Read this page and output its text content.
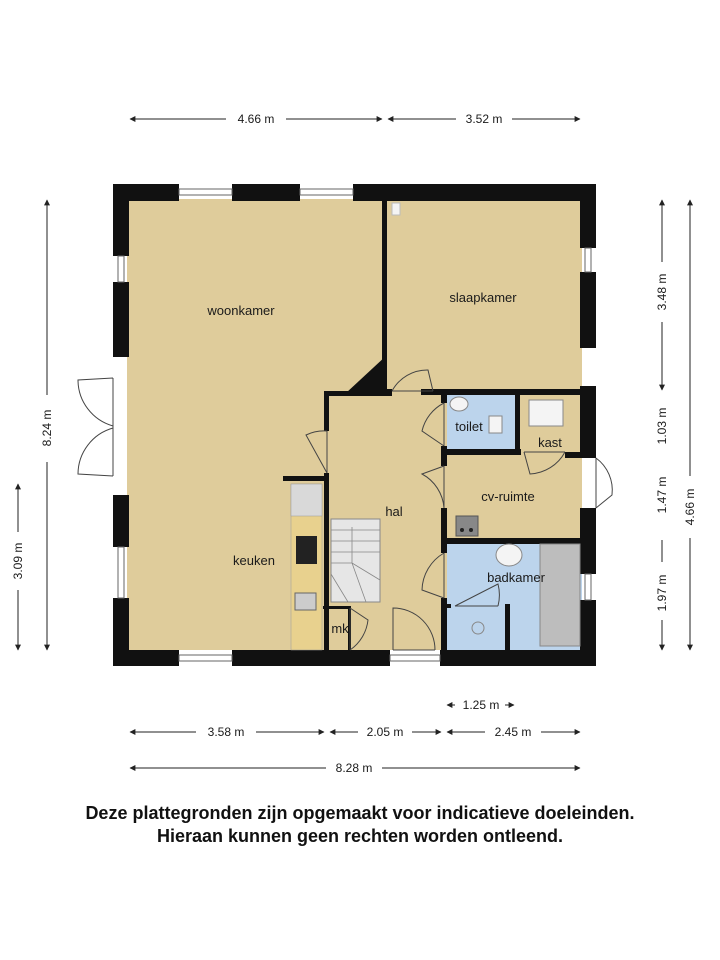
woonkamer
slaapkamer
toilet
kast
cv-ruimte
hal
keuken
badkamer
mk
4.66 m	3.52 m
8.24 m
3.09 m
4.66 m
3.48 m
1.03 m
1.47 m
1.97 m
1.25 m
3.58 m	2.05 m	2.45 m
8.28 m
Deze plattegronden zijn opgemaakt voor indicatieve doeleinden.
Hieraan kunnen geen rechten worden ontleend.
